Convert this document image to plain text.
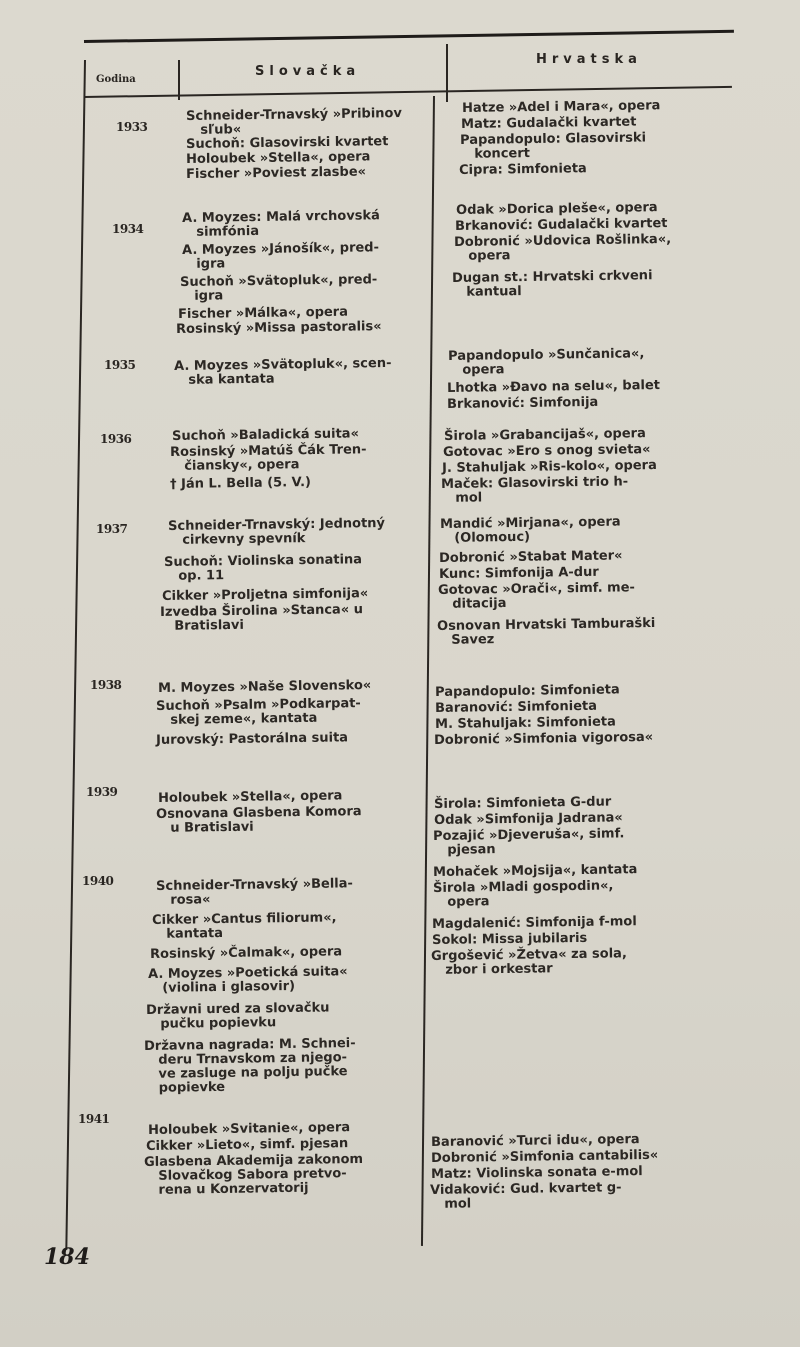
Godina
Slovačka
Hrvatska
1933
1934
1935
1936
1937
1938
1939
1940
1941
Schneider-Trnavský »Pribinov
sľub«
Suchoň: Glasovirski kvartet
Holoubek »Stella«, opera
Fischer »Poviest zlasbe«
A. Moyzes: Malá vrchovská
simfónia
A. Moyzes »Jánošík«, pred-
igra
Suchoň »Svätopluk«, pred-
igra
Fischer »Málka«, opera
Rosinský »Missa pastoralis«
A. Moyzes »Svätopluk«, scen-
ska kantata
Suchoň »Baladická suita«
Rosinský »Matúš Čák Tren-
čiansky«, opera
† Ján L. Bella (5. V.)
Schneider-Trnavský: Jednotný
cirkevny spevník
Suchoň: Violinska sonatina
op. 11
Cikker »Proljetna simfonija«
Izvedba Širolina »Stanca« u
Bratislavi
M. Moyzes »Naše Slovensko«
Suchoň »Psalm »Podkarpat-
skej zeme«, kantata
Jurovský: Pastorálna suita
Holoubek »Stella«, opera
Osnovana Glasbena Komora
u Bratislavi
Schneider-Trnavský »Bella-
rosa«
Cikker »Cantus filiorum«,
kantata
Rosinský »Čalmak«, opera
A. Moyzes »Poetická suita«
(violina i glasovir)
Državni ured za slovačku
pučku popievku
Državna nagrada: M. Schnei-
deru Trnavskom za njego-
ve zasluge na polju pučke
popievke
Holoubek »Svitanie«, opera
Cikker »Lieto«, simf. pjesan
Glasbena Akademija zakonom
Slovačkog Sabora pretvo-
rena u Konzervatorij
Hatze »Adel i Mara«, opera
Matz: Gudalački kvartet
Papandopulo: Glasovirski
koncert
Cipra: Simfonieta
Odak »Dorica pleše«, opera
Brkanović: Gudalački kvartet
Dobronić »Udovica Rošlinka«,
opera
Dugan st.: Hrvatski crkveni
kantual
Papandopulo »Sunčanica«,
opera
Lhotka »Đavo na selu«, balet
Brkanović: Simfonija
Širola »Grabancijaš«, opera
Gotovac »Ero s onog svieta«
J. Stahuljak »Ris-kolo«, opera
Maček: Glasovirski trio h-
mol
Mandić »Mirjana«, opera
(Olomouc)
Dobronić »Stabat Mater«
Kunc: Simfonija A-dur
Gotovac »Orači«, simf. me-
ditacija
Osnovan Hrvatski Tamburaški
Savez
Papandopulo: Simfonieta
Baranović: Simfonieta
M. Stahuljak: Simfonieta
Dobronić »Simfonia vigorosa«
Širola: Simfonieta G-dur
Odak »Simfonija Jadrana«
Pozajić »Djeveruša«, simf.
pjesan
Mohaček »Mojsija«, kantata
Širola »Mladi gospodin«,
opera
Magdalenić: Simfonija f-mol
Sokol: Missa jubilaris
Grgošević »Žetva« za sola,
zbor i orkestar
Baranović »Turci idu«, opera
Dobronić »Simfonia cantabilis«
Matz: Violinska sonata e-mol
Vidaković: Gud. kvartet g-
mol
184
